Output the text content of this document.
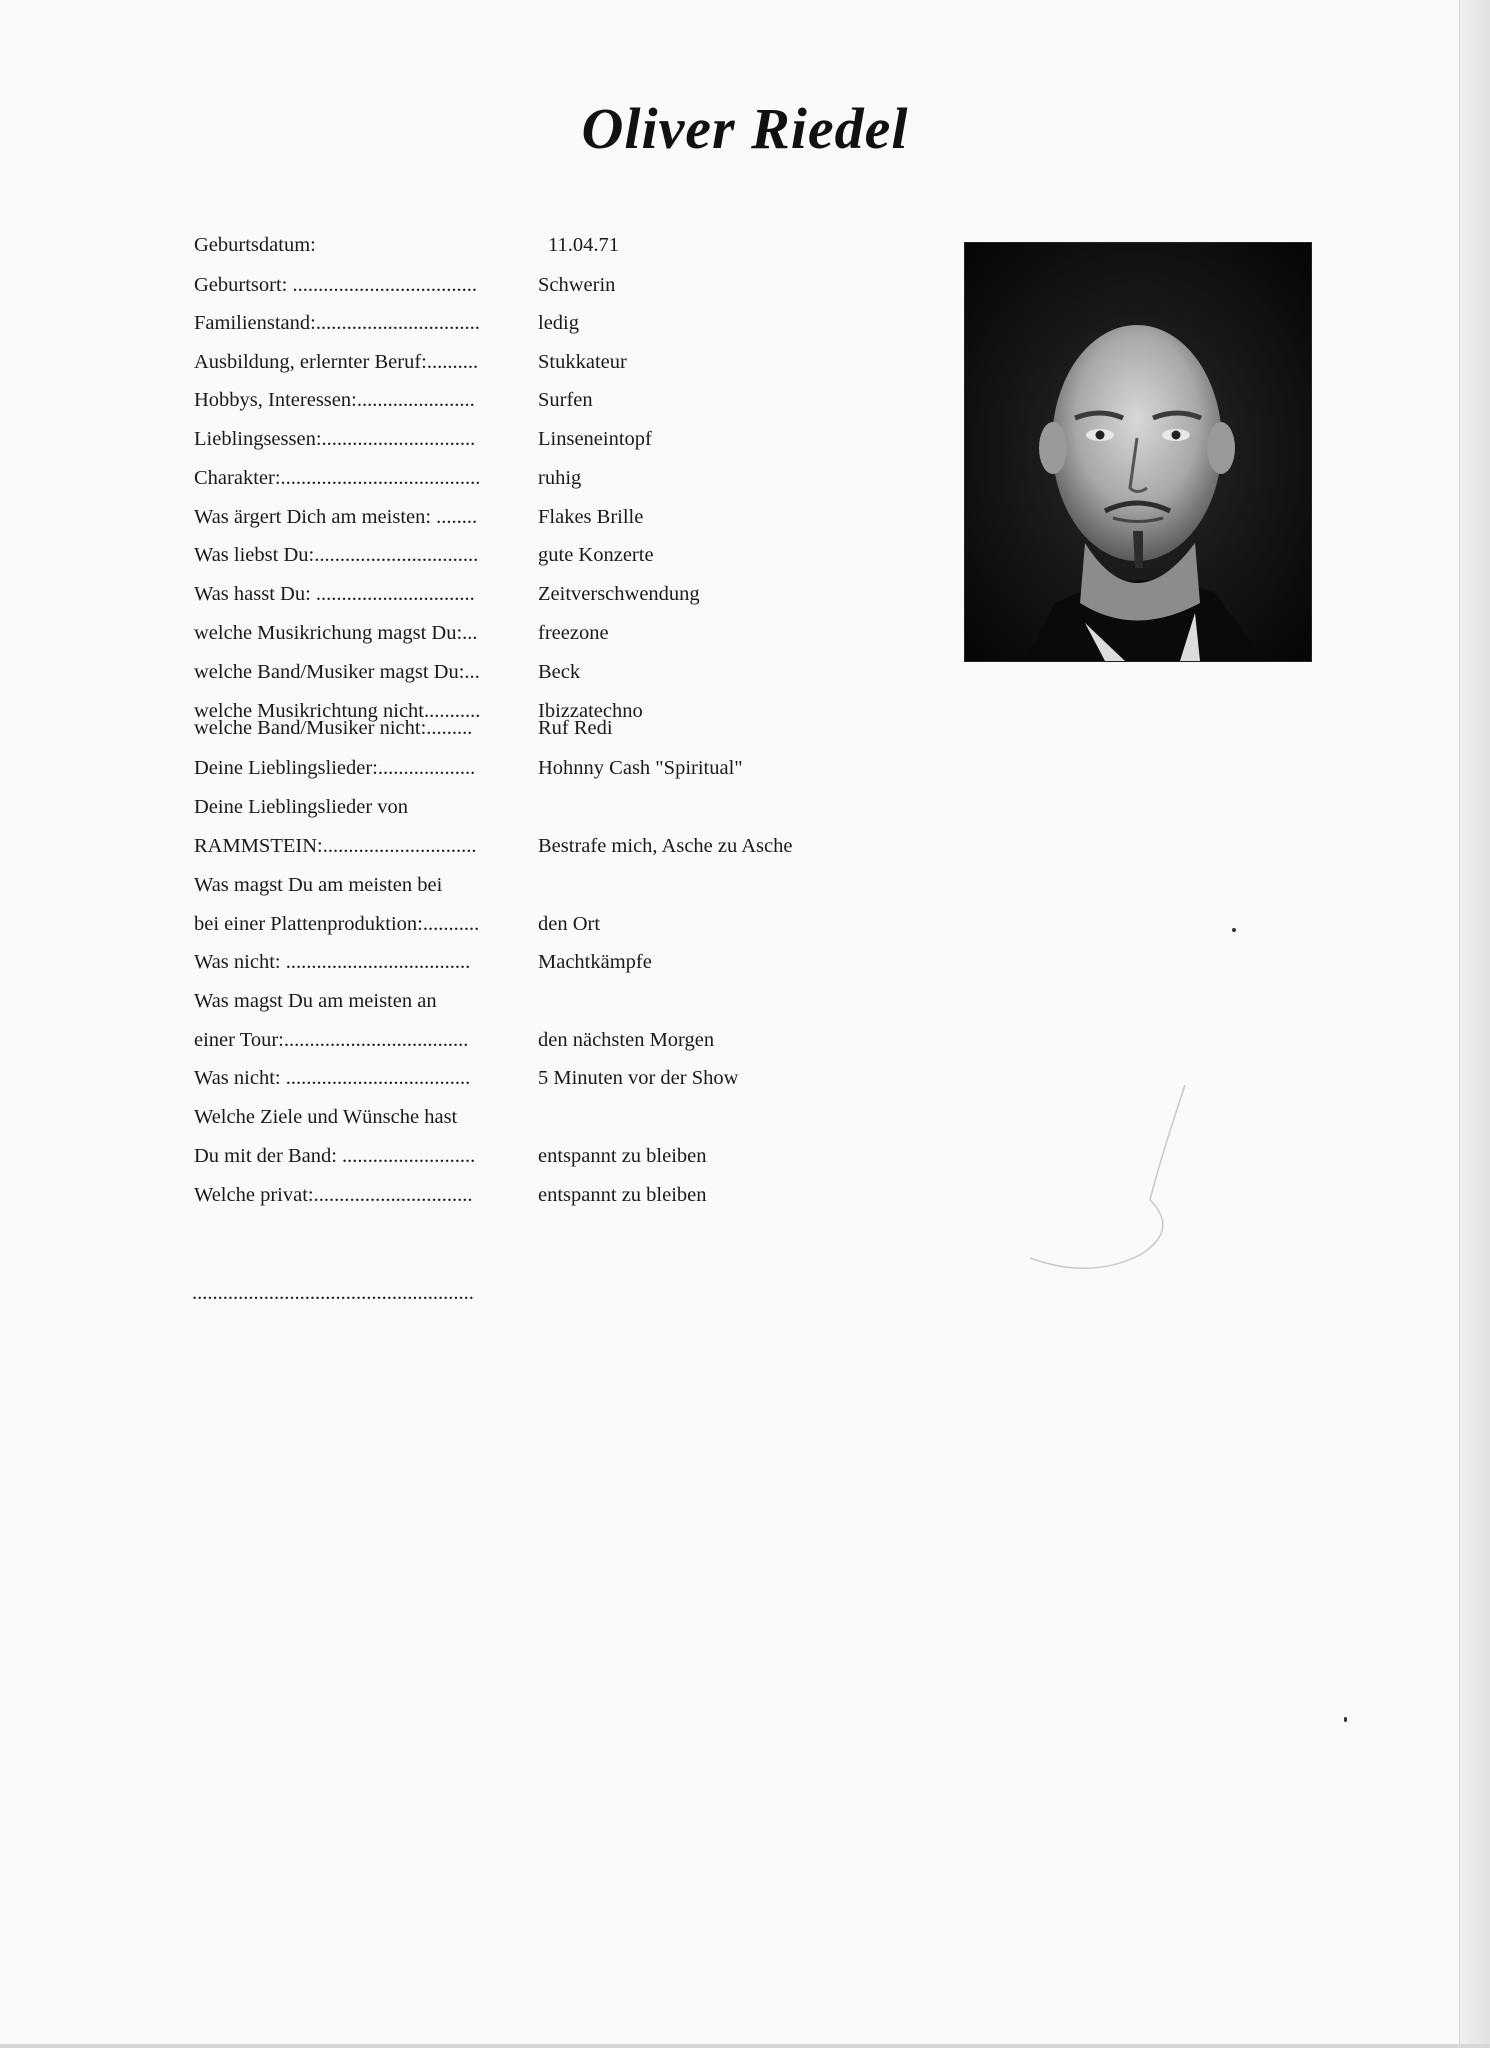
Oliver Riedel
Geburtsdatum:	11.04.71
Geburtsort: ....................................	Schwerin
Familienstand:................................	ledig
Ausbildung, erlernter Beruf:..........	Stukkateur
Hobbys, Interessen:.......................	Surfen
Lieblingsessen:..............................	Linseneintopf
Charakter:.......................................	ruhig
Was ärgert Dich am meisten: ........	Flakes Brille
Was liebst Du:................................	gute Konzerte
Was hasst Du: ...............................	Zeitverschwendung
welche Musikrichung magst Du:...	freezone
welche Band/Musiker magst Du:...	Beck
welche Musikrichtung nicht...........	Ibizzatechno
welche Band/Musiker nicht:.........	Ruf Redi
Deine Lieblingslieder:...................	Hohnny Cash "Spiritual"
Deine Lieblingslieder von
RAMMSTEIN:..............................	Bestrafe mich, Asche zu Asche
Was magst Du am meisten bei
bei einer Plattenproduktion:...........	den Ort
Was nicht: ....................................	Machtkämpfe
Was magst Du am meisten an
einer Tour:....................................	den nächsten Morgen
Was nicht: ....................................	5 Minuten vor der Show
Welche Ziele und Wünsche hast
Du mit der Band: ..........................	entspannt zu bleiben
Welche privat:...............................	entspannt zu bleiben
.......................................................
